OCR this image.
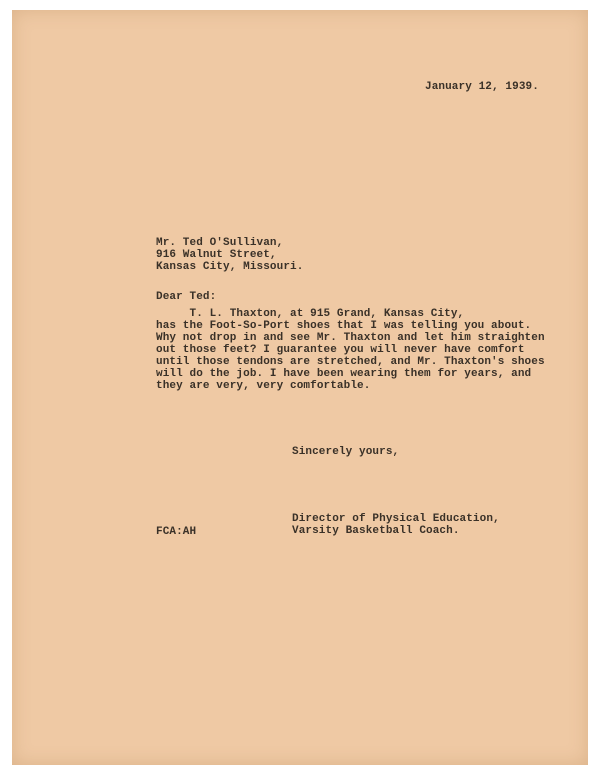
January 12, 1939.
Mr. Ted O'Sullivan,
916 Walnut Street,
Kansas City, Missouri.
Dear Ted:
T. L. Thaxton, at 915 Grand, Kansas City,
has the Foot-So-Port shoes that I was telling you about.
Why not drop in and see Mr. Thaxton and let him straighten
out those feet? I guarantee you will never have comfort
until those tendons are stretched, and Mr. Thaxton's shoes
will do the job. I have been wearing them for years, and
they are very, very comfortable.
Sincerely yours,
Director of Physical Education,
Varsity Basketball Coach.
FCA:AH
